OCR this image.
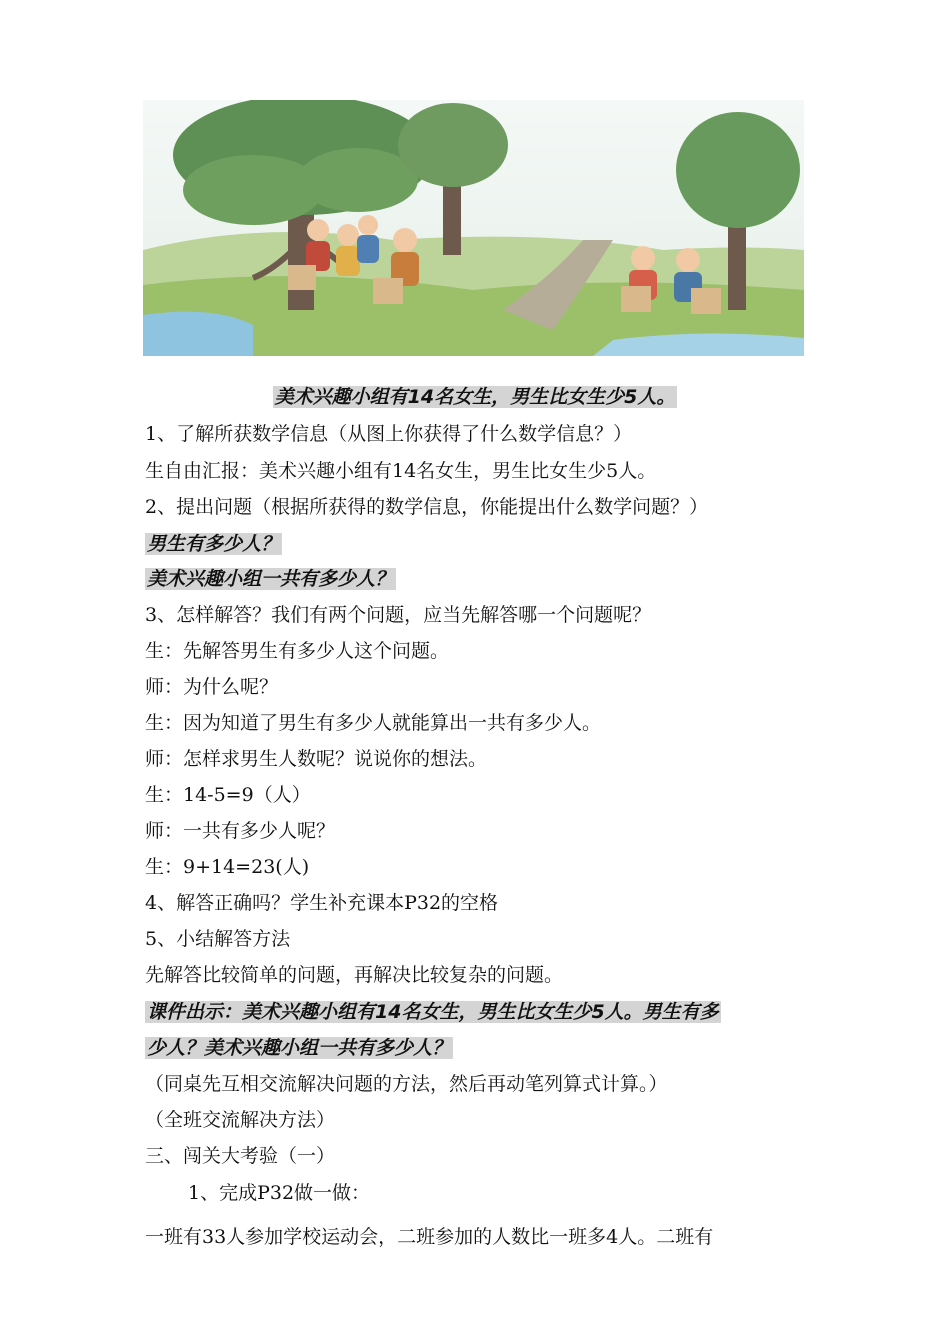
美术兴趣小组有14名女生，男生比女生少5人。
1、了解所获数学信息（从图上你获得了什么数学信息？）
生自由汇报：美术兴趣小组有14名女生，男生比女生少5人。
2、提出问题（根据所获得的数学信息，你能提出什么数学问题？）
男生有多少人？
美术兴趣小组一共有多少人？
3、怎样解答？我们有两个问题，应当先解答哪一个问题呢？
生：先解答男生有多少人这个问题。
师：为什么呢？
生：因为知道了男生有多少人就能算出一共有多少人。
师：怎样求男生人数呢？说说你的想法。
生：14-5=9（人）
师：一共有多少人呢？
生：9+14=23(人)
4、解答正确吗？学生补充课本P32的空格
5、小结解答方法
先解答比较简单的问题，再解决比较复杂的问题。
课件出示：美术兴趣小组有14名女生，男生比女生少5人。男生有多
少人？美术兴趣小组一共有多少人？
（同桌先互相交流解决问题的方法，然后再动笔列算式计算。）
（全班交流解决方法）
三、闯关大考验（一）
1、完成P32做一做：
一班有33人参加学校运动会，二班参加的人数比一班多4人。二班有
